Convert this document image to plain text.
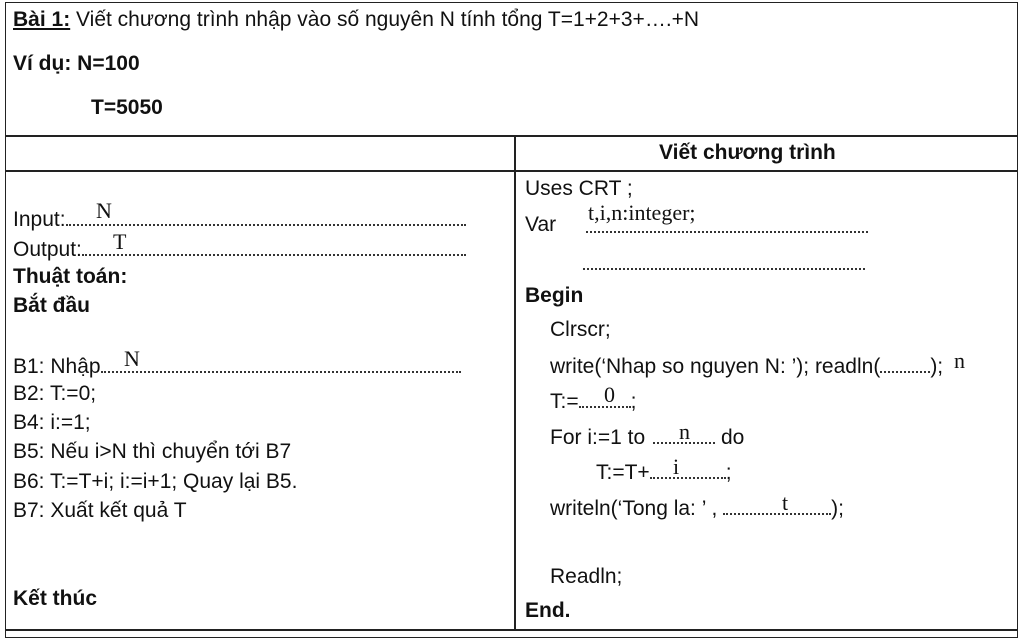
Bài 1: Viết chương trình nhập vào số nguyên N tính tổng T=1+2+3+….+N
Ví dụ: N=100
T=5050
Viết chương trình
Input:	N
Output:	T
Thuật toán:
Bắt đầu
B1: Nhập	N
B2: T:=0;
B4: i:=1;
B5: Nếu i>N thì chuyển tới B7
B6: T:=T+i; i:=i+1; Quay lại B5.
B7: Xuất kết quả T
Kết thúc
Uses CRT ;
Var t,i,n:integer;
Begin
Clrscr;
write(‘Nhap so nguyen N: ’); readln( ); n
T:= ;
0
For i:=1 to	do
n
T:=T+	;
i
writeln(‘Tong la: ’ ,	);
t
Readln;
End.
